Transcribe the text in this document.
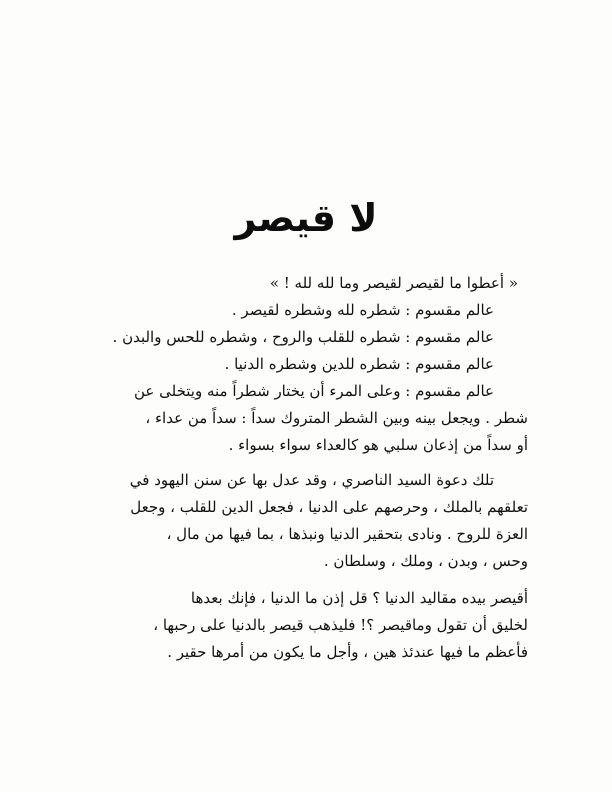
لا قيصر
« أعطوا ما لقيصر لقيصر وما لله لله ! »
عالم مقسوم : شطره لله وشطره لقيصر .
عالم مقسوم : شطره للقلب والروح ، وشطره للحس والبدن .
عالم مقسوم : شطره للدين وشطره الدنيا .
عالم مقسوم : وعلى المرء أن يختار شطراً منه ويتخلى عن
شطر . ويجعل بينه وبين الشطر المتروك سداً : سداً من عداء ،
أو سداً من إذعان سلبي هو كالعداء سواء بسواء .
تلك دعوة السيد الناصري ، وقد عدل بها عن سنن اليهود في
تعلقهم بالملك ، وحرصهم على الدنيا ، فجعل الدين للقلب ، وجعل
العزة للروح . ونادى بتحقير الدنيا ونبذها ، بما فيها من مال ،
وحس ، وبدن ، وملك ، وسلطان .
أقيصر بيده مقاليد الدنيا ؟ قل إذن ما الدنيا ، فإنك بعدها
لخليق أن تقول وماقيصر ؟! فليذهب قيصر بالدنيا على رحبها ،
فأعظم ما فيها عندئذ هين ، وأجل ما يكون من أمرها حقير .
